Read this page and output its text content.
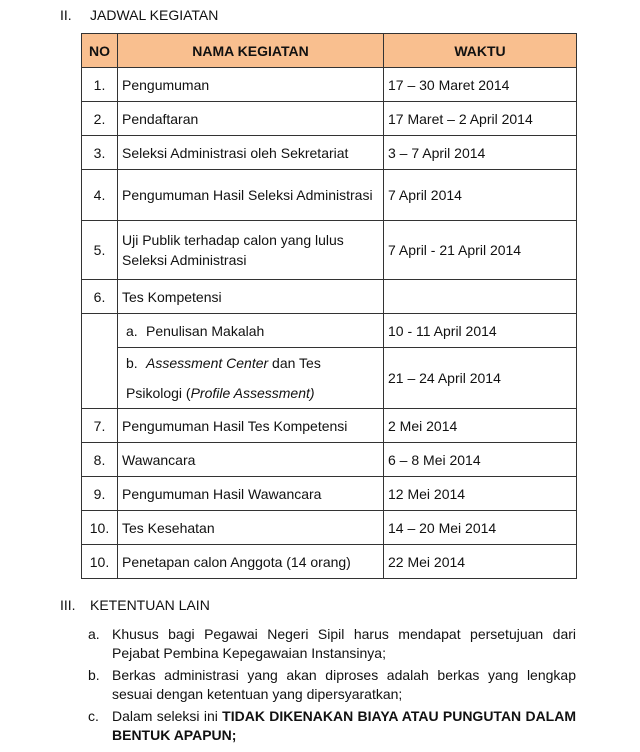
II. JADWAL KEGIATAN
NO	NAMA KEGIATAN	WAKTU
1.	Pengumuman	17 – 30 Maret 2014
2.	Pendaftaran	17 Maret – 2 April 2014
3.	Seleksi Administrasi oleh Sekretariat	3 – 7 April 2014
4.	Pengumuman Hasil Seleksi Administrasi	7 April 2014
5.	Uji Publik terhadap calon yang lulus Seleksi Administrasi	7 April - 21 April 2014
6.	Tes Kompetensi	

	a. Penulisan Makalah	10 - 11 April 2014

	b. Assessment Center dan Tes Psikologi (Profile Assessment)	21 – 24 April 2014
7.	Pengumuman Hasil Tes Kompetensi	2 Mei 2014
8.	Wawancara	6 – 8 Mei 2014
9.	Pengumuman Hasil Wawancara	12 Mei 2014
10.	Tes Kesehatan	14 – 20 Mei 2014
10.	Penetapan calon Anggota (14 orang)	22 Mei 2014
III. KETENTUAN LAIN
a. Khusus bagi Pegawai Negeri Sipil harus mendapat persetujuan dari Pejabat Pembina Kepegawaian Instansinya;
b. Berkas administrasi yang akan diproses adalah berkas yang lengkap sesuai dengan ketentuan yang dipersyaratkan;
c. Dalam seleksi ini TIDAK DIKENAKAN BIAYA ATAU PUNGUTAN DALAM BENTUK APAPUN;
